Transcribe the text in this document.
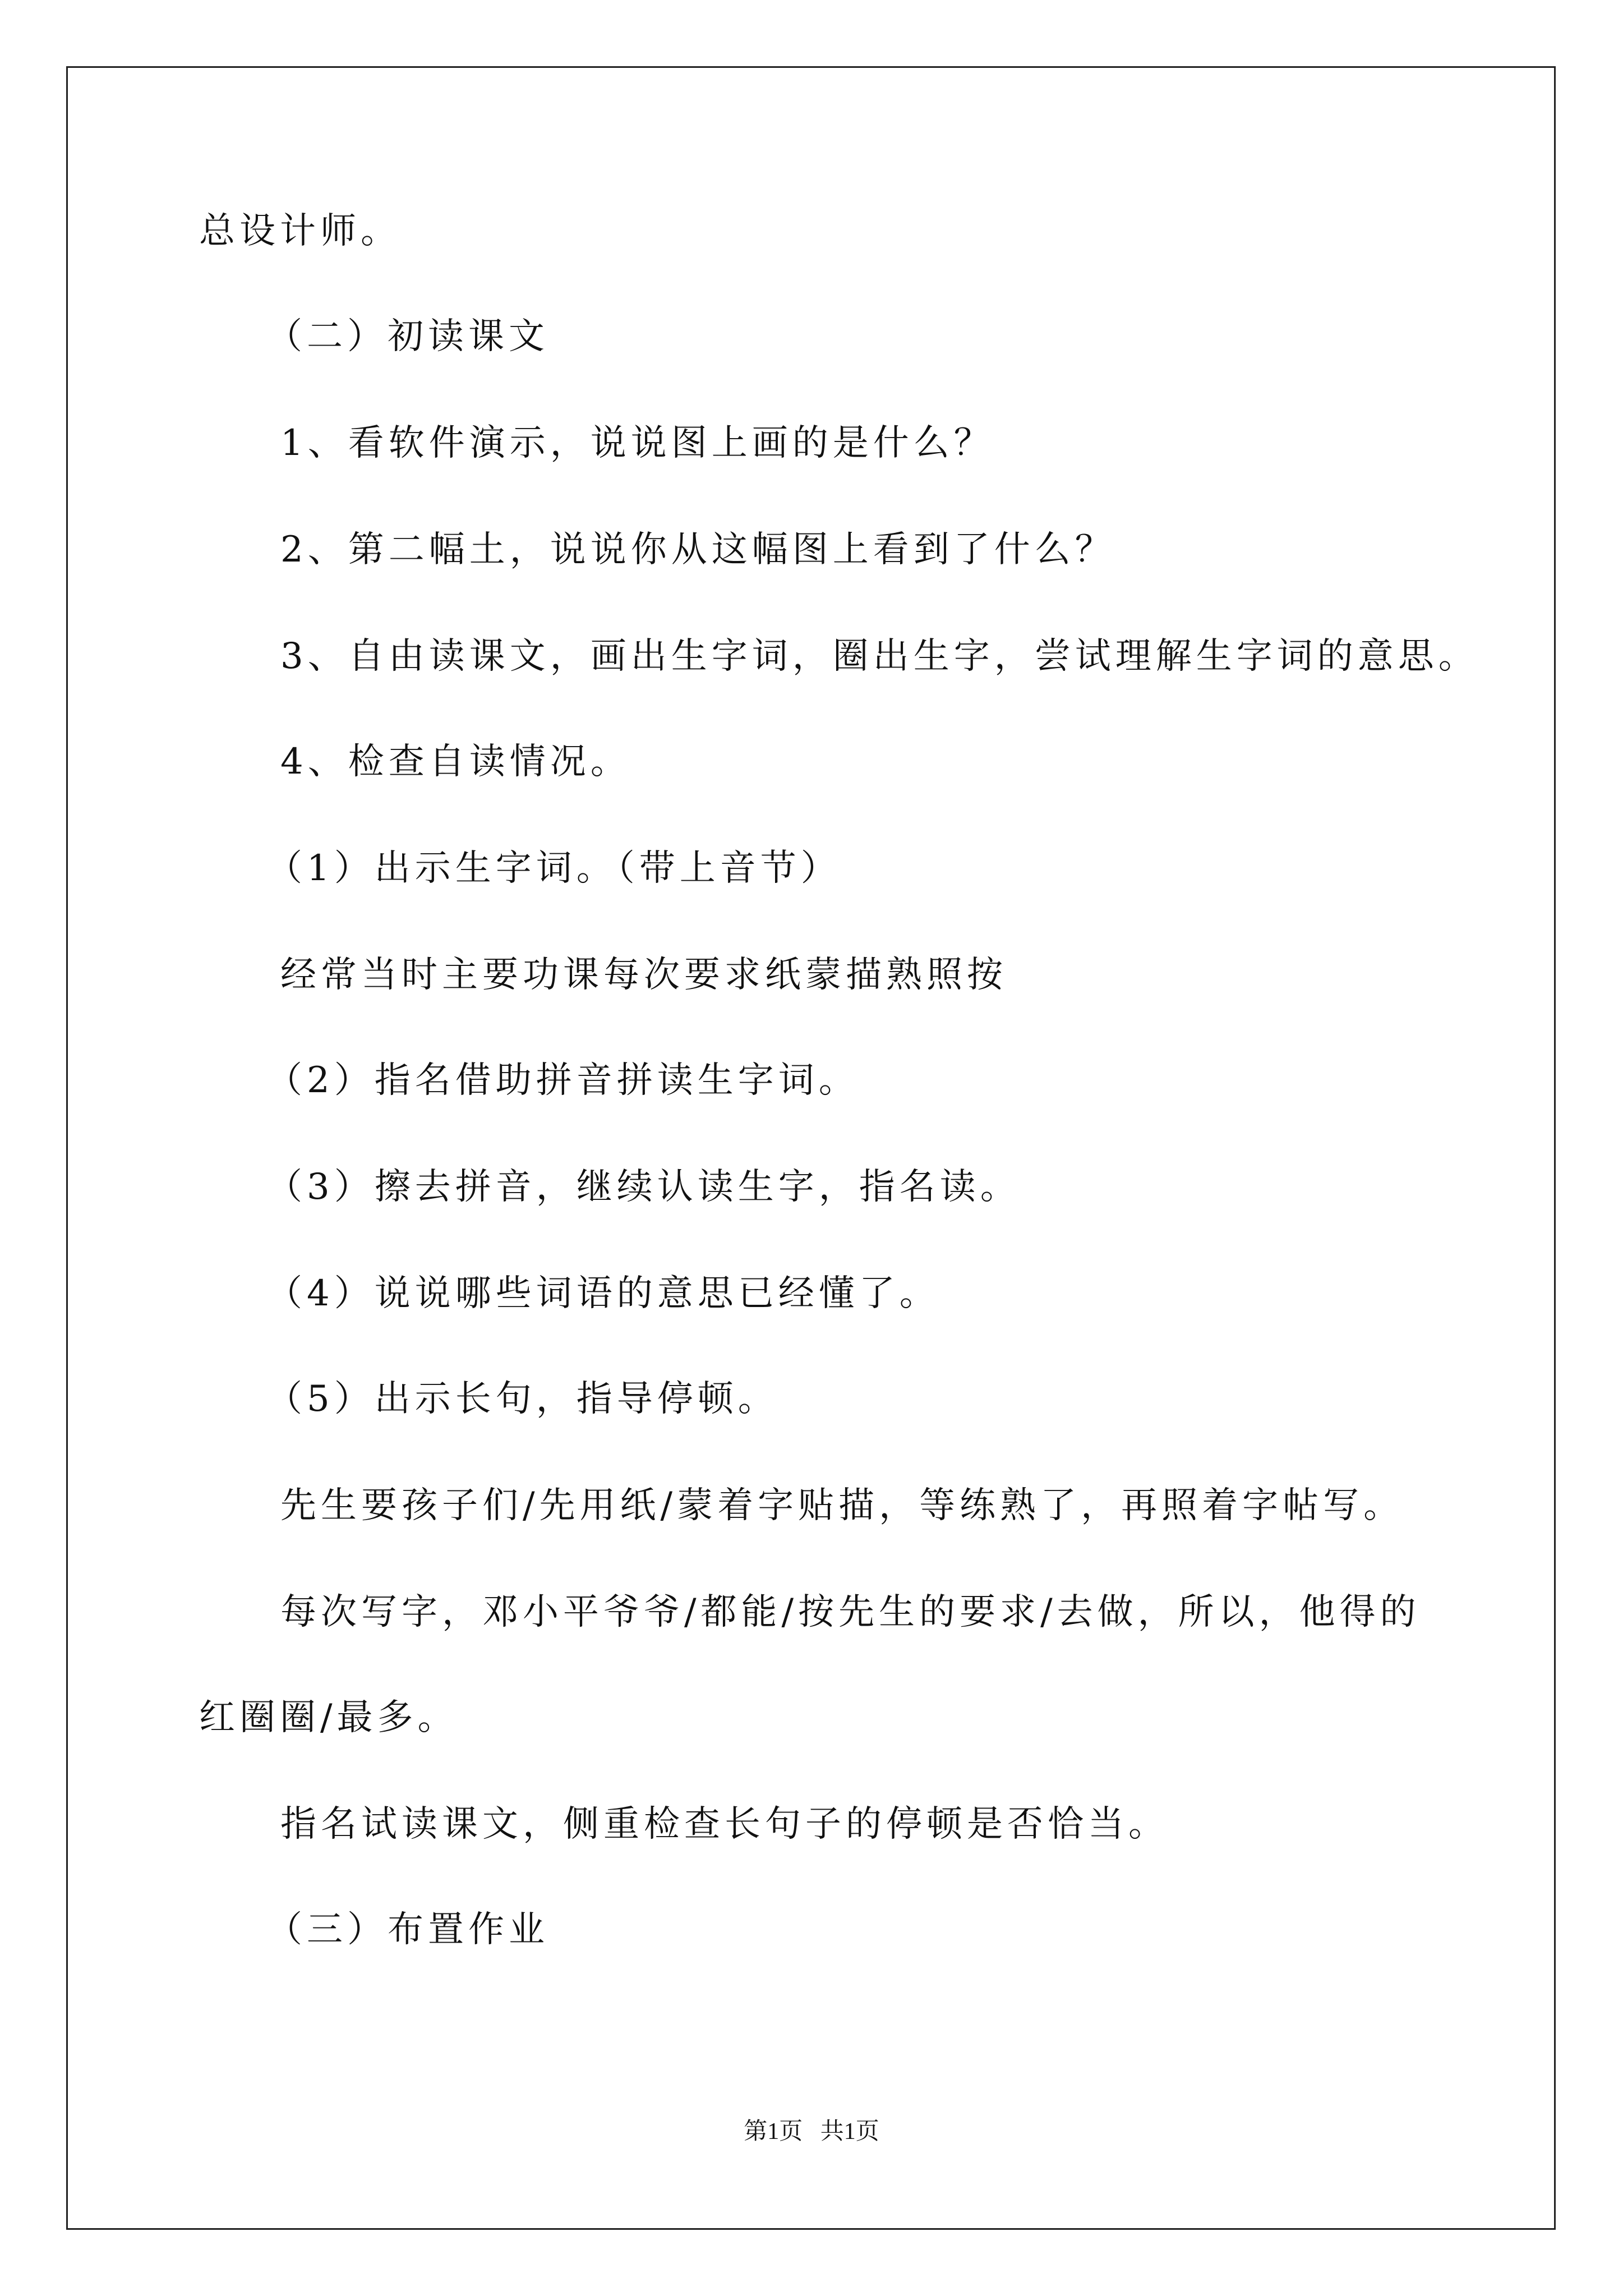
总设计师。
（二）初读课文
1、看软件演示，说说图上画的是什么？
2、第二幅土，说说你从这幅图上看到了什么？
3、自由读课文，画出生字词，圈出生字，尝试理解生字词的意思。
4、检查自读情况。
（1）出示生字词。（带上音节）
经常当时主要功课每次要求纸蒙描熟照按
（2）指名借助拼音拼读生字词。
（3）擦去拼音，继续认读生字，指名读。
（4）说说哪些词语的意思已经懂了。
（5）出示长句，指导停顿。
先生要孩子们/先用纸/蒙着字贴描，等练熟了，再照着字帖写。
每次写字，邓小平爷爷/都能/按先生的要求/去做，所以，他得的
红圈圈/最多。
指名试读课文，侧重检查长句子的停顿是否恰当。
（三）布置作业
第1页   共1页
